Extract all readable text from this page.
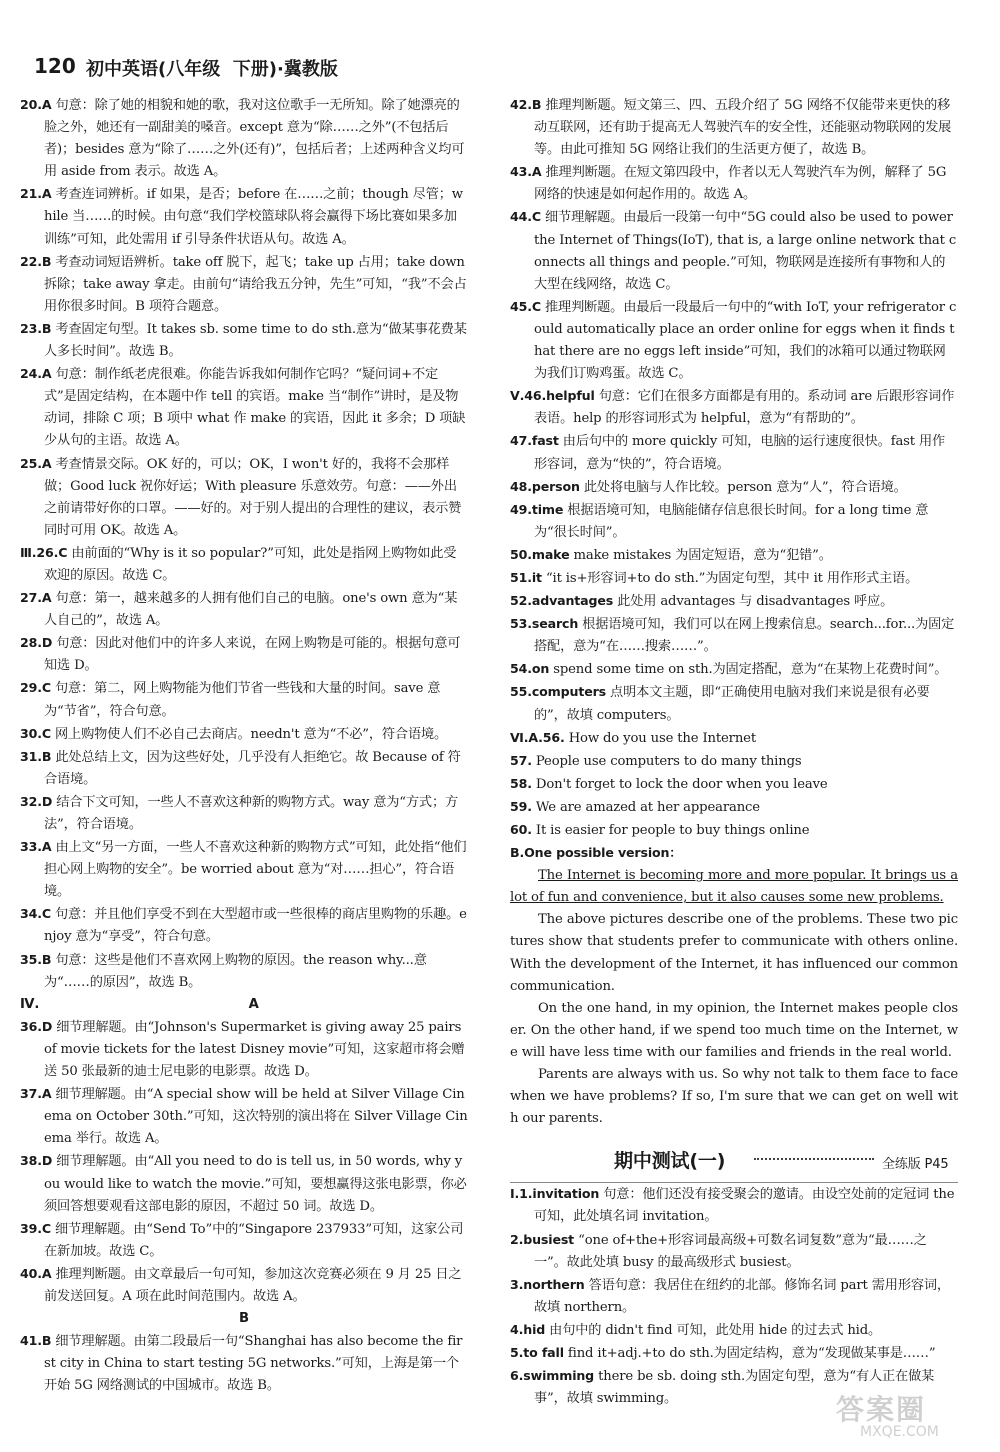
120 初中英语(八年级  下册)·冀教版

20.A 句意：除了她的相貌和她的歌，我对这位歌手一无所知。除了她漂亮的脸之外，她还有一副甜美的嗓音。except 意为“除……之外”(不包括后者)；besides 意为“除了……之外(还有)”，包括后者；上述两种含义均可用 aside from 表示。故选 A。

21.A 考查连词辨析。if 如果，是否；before 在……之前；though 尽管；while 当……的时候。由句意“我们学校篮球队将会赢得下场比赛如果多加训练”可知，此处需用 if 引导条件状语从句。故选 A。

22.B 考查动词短语辨析。take off 脱下，起飞；take up 占用；take down 拆除；take away 拿走。由前句“请给我五分钟，先生”可知，“我”不会占用你很多时间。B 项符合题意。

23.B 考查固定句型。It takes sb. some time to do sth.意为“做某事花费某人多长时间”。故选 B。

24.A 句意：制作纸老虎很难。你能告诉我如何制作它吗？“疑问词+不定式”是固定结构，在本题中作 tell 的宾语。make 当“制作”讲时，是及物动词，排除 C 项；B 项中 what 作 make 的宾语，因此 it 多余；D 项缺少从句的主语。故选 A。

25.A 考查情景交际。OK 好的，可以；OK，I won't 好的，我将不会那样做；Good luck 祝你好运；With pleasure 乐意效劳。句意：——外出之前请带好你的口罩。——好的。对于别人提出的合理性的建议，表示赞同时可用 OK。故选 A。

Ⅲ.26.C 由前面的“Why is it so popular?”可知，此处是指网上购物如此受欢迎的原因。故选 C。

27.A 句意：第一，越来越多的人拥有他们自己的电脑。one's own 意为“某人自己的”，故选 A。

28.D 句意：因此对他们中的许多人来说，在网上购物是可能的。根据句意可知选 D。

29.C 句意：第二，网上购物能为他们节省一些钱和大量的时间。save 意为“节省”，符合句意。

30.C 网上购物使人们不必自己去商店。needn't 意为“不必”，符合语境。

31.B 此处总结上文，因为这些好处，几乎没有人拒绝它。故 Because of 符合语境。

32.D 结合下文可知，一些人不喜欢这种新的购物方式。way 意为“方式；方法”，符合语境。

33.A 由上文“另一方面，一些人不喜欢这种新的购物方式”可知，此处指“他们担心网上购物的安全”。be worried about 意为“对……担心”，符合语境。

34.C 句意：并且他们享受不到在大型超市或一些很棒的商店里购物的乐趣。enjoy 意为“享受”，符合句意。

35.B 句意：这些是他们不喜欢网上购物的原因。the reason why...意为“……的原因”，故选 B。

Ⅳ.	A

36.D 细节理解题。由“Johnson's Supermarket is giving away 25 pairs of movie tickets for the latest Disney movie”可知，这家超市将会赠送 50 张最新的迪士尼电影的电影票。故选 D。

37.A 细节理解题。由“A special show will be held at Silver Village Cinema on October 30th.”可知，这次特别的演出将在 Silver Village Cinema 举行。故选 A。

38.D 细节理解题。由“All you need to do is tell us, in 50 words, why you would like to watch the movie.”可知，要想赢得这张电影票，你必须回答想要观看这部电影的原因，不超过 50 词。故选 D。

39.C 细节理解题。由“Send To”中的“Singapore 237933”可知，这家公司在新加坡。故选 C。

40.A 推理判断题。由文章最后一句可知，参加这次竞赛必须在 9 月 25 日之前发送回复。A 项在此时间范围内。故选 A。

B

41.B 细节理解题。由第二段最后一句“Shanghai has also become the first city in China to start testing 5G networks.”可知，上海是第一个开始 5G 网络测试的中国城市。故选 B。

42.B 推理判断题。短文第三、四、五段介绍了 5G 网络不仅能带来更快的移动互联网，还有助于提高无人驾驶汽车的安全性，还能驱动物联网的发展等。由此可推知 5G 网络让我们的生活更方便了，故选 B。

43.A 推理判断题。在短文第四段中，作者以无人驾驶汽车为例，解释了 5G 网络的快速是如何起作用的。故选 A。

44.C 细节理解题。由最后一段第一句中“5G could also be used to power the Internet of Things(IoT), that is, a large online network that connects all things and people.”可知，物联网是连接所有事物和人的大型在线网络，故选 C。

45.C 推理判断题。由最后一段最后一句中的“with IoT, your refrigerator could automatically place an order online for eggs when it finds that there are no eggs left inside”可知，我们的冰箱可以通过物联网为我们订购鸡蛋。故选 C。

Ⅴ.46.helpful 句意：它们在很多方面都是有用的。系动词 are 后跟形容词作表语。help 的形容词形式为 helpful，意为“有帮助的”。

47.fast 由后句中的 more quickly 可知，电脑的运行速度很快。fast 用作形容词，意为“快的”，符合语境。

48.person 此处将电脑与人作比较。person 意为“人”，符合语境。

49.time 根据语境可知，电脑能储存信息很长时间。for a long time 意为“很长时间”。

50.make make mistakes 为固定短语，意为“犯错”。

51.it “it is+形容词+to do sth.”为固定句型，其中 it 用作形式主语。

52.advantages 此处用 advantages 与 disadvantages 呼应。

53.search 根据语境可知，我们可以在网上搜索信息。search...for...为固定搭配，意为“在……搜索……”。

54.on spend some time on sth.为固定搭配，意为“在某物上花费时间”。

55.computers 点明本文主题，即“正确使用电脑对我们来说是很有必要的”，故填 computers。

Ⅵ.A.56. How do you use the Internet

57. People use computers to do many things

58. Don't forget to lock the door when you leave

59. We are amazed at her appearance

60. It is easier for people to buy things online

B.One possible version：

The Internet is becoming more and more popular. It brings us a lot of fun and convenience, but it also causes some new problems.

The above pictures describe one of the problems. These two pictures show that students prefer to communicate with others online. With the development of the Internet, it has influenced our common communication.

On the one hand, in my opinion, the Internet makes people closer. On the other hand, if we spend too much time on the Internet, we will have less time with our families and friends in the real world.

Parents are always with us. So why not talk to them face to face when we have problems? If so, I'm sure that we can get on well with our parents.

期中测试(一)	全练版 P45

Ⅰ.1.invitation 句意：他们还没有接受聚会的邀请。由设空处前的定冠词 the 可知，此处填名词 invitation。

2.busiest “one of+the+形容词最高级+可数名词复数”意为“最……之一”。故此处填 busy 的最高级形式 busiest。

3.northern 答语句意：我居住在纽约的北部。修饰名词 part 需用形容词，故填 northern。

4.hid 由句中的 didn't find 可知，此处用 hide 的过去式 hid。

5.to fall find it+adj.+to do sth.为固定结构，意为“发现做某事是……”

6.swimming there be sb. doing sth.为固定句型，意为“有人正在做某事”，故填 swimming。	答案圈
MXQE.COM
